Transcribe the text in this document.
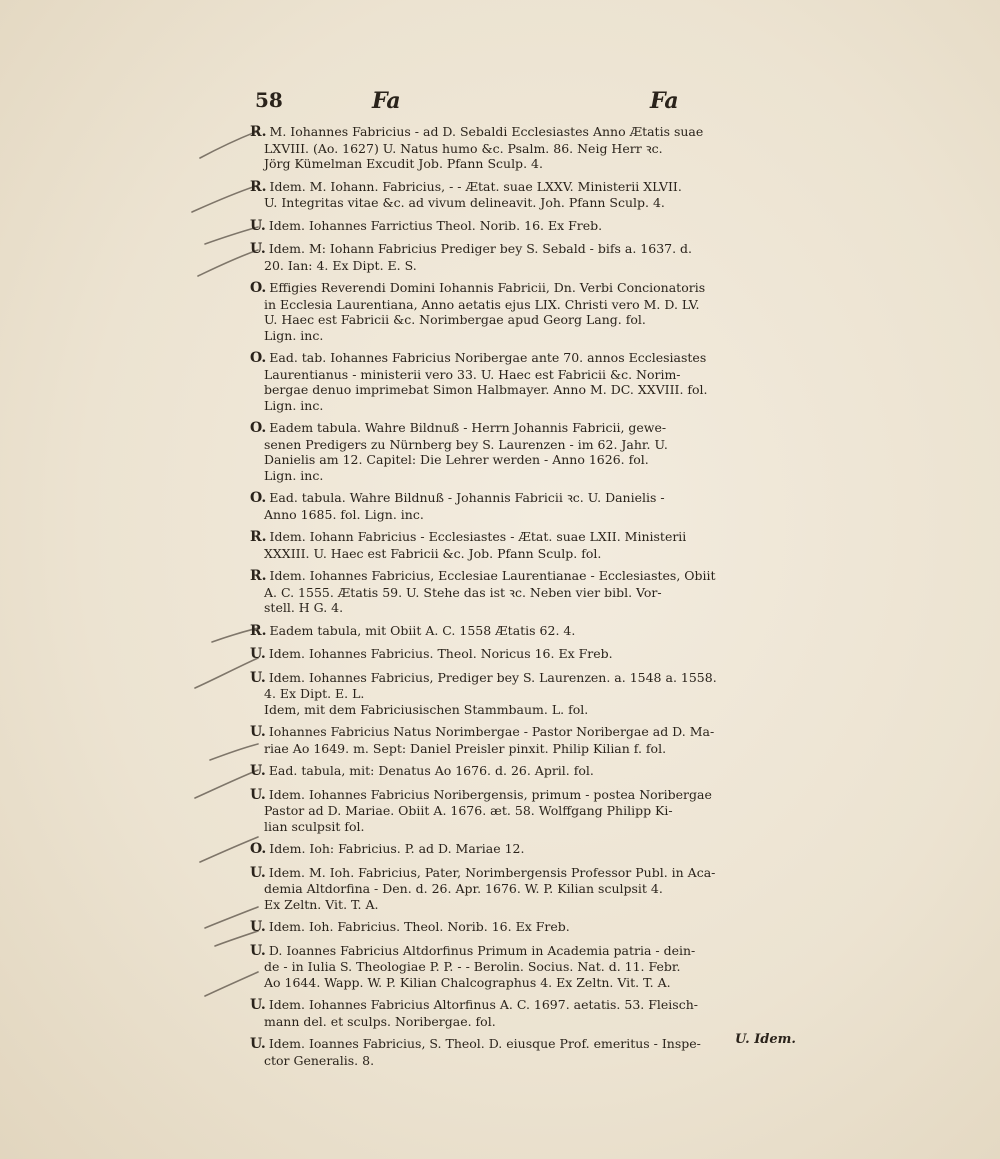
58	Fa	Fa
R. M. Iohannes Fabricius - ad D. Sebaldi Ecclesiastes Anno Ætatis suae
LXVIII. (Ao. 1627) U. Natus humo &c. Psalm. 86. Neig Herr ꝛc.
Jörg Kümelman Excudit Job. Pfann Sculp. 4.
R. Idem. M. Iohann. Fabricius, - - Ætat. suae LXXV. Ministerii XLVII.
U. Integritas vitae &c. ad vivum delineavit. Joh. Pfann Sculp. 4.
U. Idem. Iohannes Farrictius Theol. Norib. 16. Ex Freb.
U. Idem. M: Iohann Fabricius Prediger bey S. Sebald - bifs a. 1637. d.
20. Ian: 4. Ex Dipt. E. S.
O. Effigies Reverendi Domini Iohannis Fabricii, Dn. Verbi Concionatoris
in Ecclesia Laurentiana, Anno aetatis ejus LIX. Christi vero M. D. LV.
U. Haec est Fabricii &c. Norimbergae apud Georg Lang. fol.
Lign. inc.
O. Ead. tab. Iohannes Fabricius Noribergae ante 70. annos Ecclesiastes
Laurentianus - ministerii vero 33. U. Haec est Fabricii &c. Norim-
bergae denuo imprimebat Simon Halbmayer. Anno M. DC. XXVIII. fol.
Lign. inc.
O. Eadem tabula. Wahre Bildnuß - Herrn Johannis Fabricii, gewe-
senen Predigers zu Nürnberg bey S. Laurenzen - im 62. Jahr. U.
Danielis am 12. Capitel: Die Lehrer werden - Anno 1626. fol.
Lign. inc.
O. Ead. tabula. Wahre Bildnuß - Johannis Fabricii ꝛc. U. Danielis -
Anno 1685. fol. Lign. inc.
R. Idem. Iohann Fabricius - Ecclesiastes - Ætat. suae LXII. Ministerii
XXXIII. U. Haec est Fabricii &c. Job. Pfann Sculp. fol.
R. Idem. Iohannes Fabricius, Ecclesiae Laurentianae - Ecclesiastes, Obiit
A. C. 1555. Ætatis 59. U. Stehe das ist ꝛc. Neben vier bibl. Vor-
stell. H G. 4.
R. Eadem tabula, mit Obiit A. C. 1558 Ætatis 62. 4.
U. Idem. Iohannes Fabricius. Theol. Noricus 16. Ex Freb.
U. Idem. Iohannes Fabricius, Prediger bey S. Laurenzen. a. 1548 a. 1558.
4. Ex Dipt. E. L.
Idem, mit dem Fabriciusischen Stammbaum. L. fol.
U. Iohannes Fabricius Natus Norimbergae - Pastor Noribergae ad D. Ma-
riae Ao 1649. m. Sept: Daniel Preisler pinxit. Philip Kilian f. fol.
U. Ead. tabula, mit: Denatus Ao 1676. d. 26. April. fol.
U. Idem. Iohannes Fabricius Noribergensis, primum - postea Noribergae
Pastor ad D. Mariae. Obiit A. 1676. æt. 58. Wolffgang Philipp Ki-
lian sculpsit fol.
O. Idem. Ioh: Fabricius. P. ad D. Mariae 12.
U. Idem. M. Ioh. Fabricius, Pater, Norimbergensis Professor Publ. in Aca-
demia Altdorfina - Den. d. 26. Apr. 1676. W. P. Kilian sculpsit 4.
Ex Zeltn. Vit. T. A.
U. Idem. Ioh. Fabricius. Theol. Norib. 16. Ex Freb.
U. D. Ioannes Fabricius Altdorfinus Primum in Academia patria - dein-
de - in Iulia S. Theologiae P. P. - - Berolin. Socius. Nat. d. 11. Febr.
Ao 1644. Wapp. W. P. Kilian Chalcographus 4. Ex Zeltn. Vit. T. A.
U. Idem. Iohannes Fabricius Altorfinus A. C. 1697. aetatis. 53. Fleisch-
mann del. et sculps. Noribergae. fol.
U. Idem. Ioannes Fabricius, S. Theol. D. eiusque Prof. emeritus - Inspe-
ctor Generalis. 8.
U. Idem.
